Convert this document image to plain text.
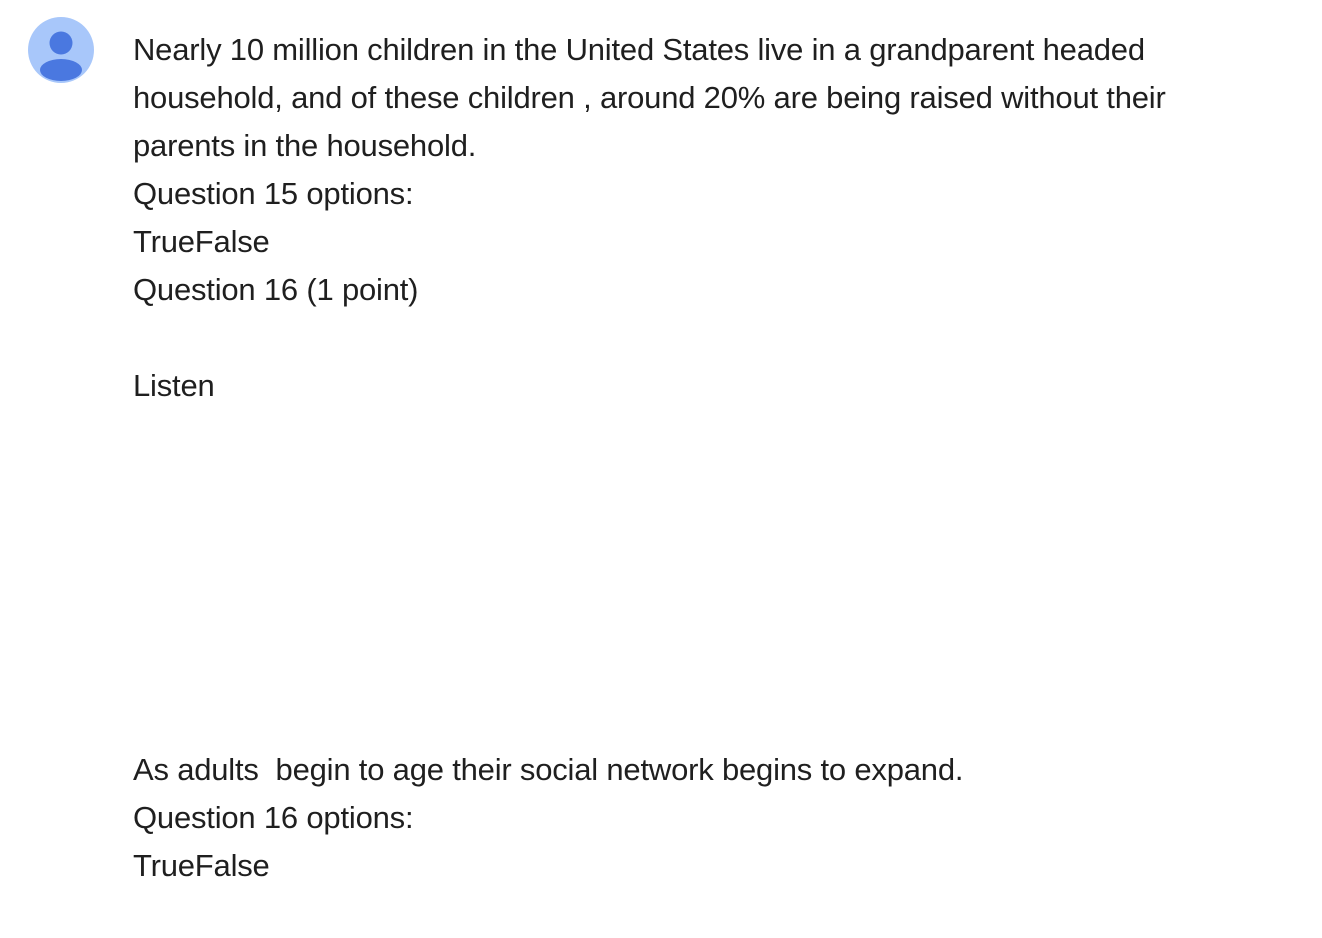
Nearly 10 million children in the United States live in a grandparent headed
household, and of these children , around 20% are being raised without their
parents in the household.
Question 15 options:
TrueFalse
Question 16 (1 point)
Listen
As adults  begin to age their social network begins to expand.
Question 16 options:
TrueFalse
